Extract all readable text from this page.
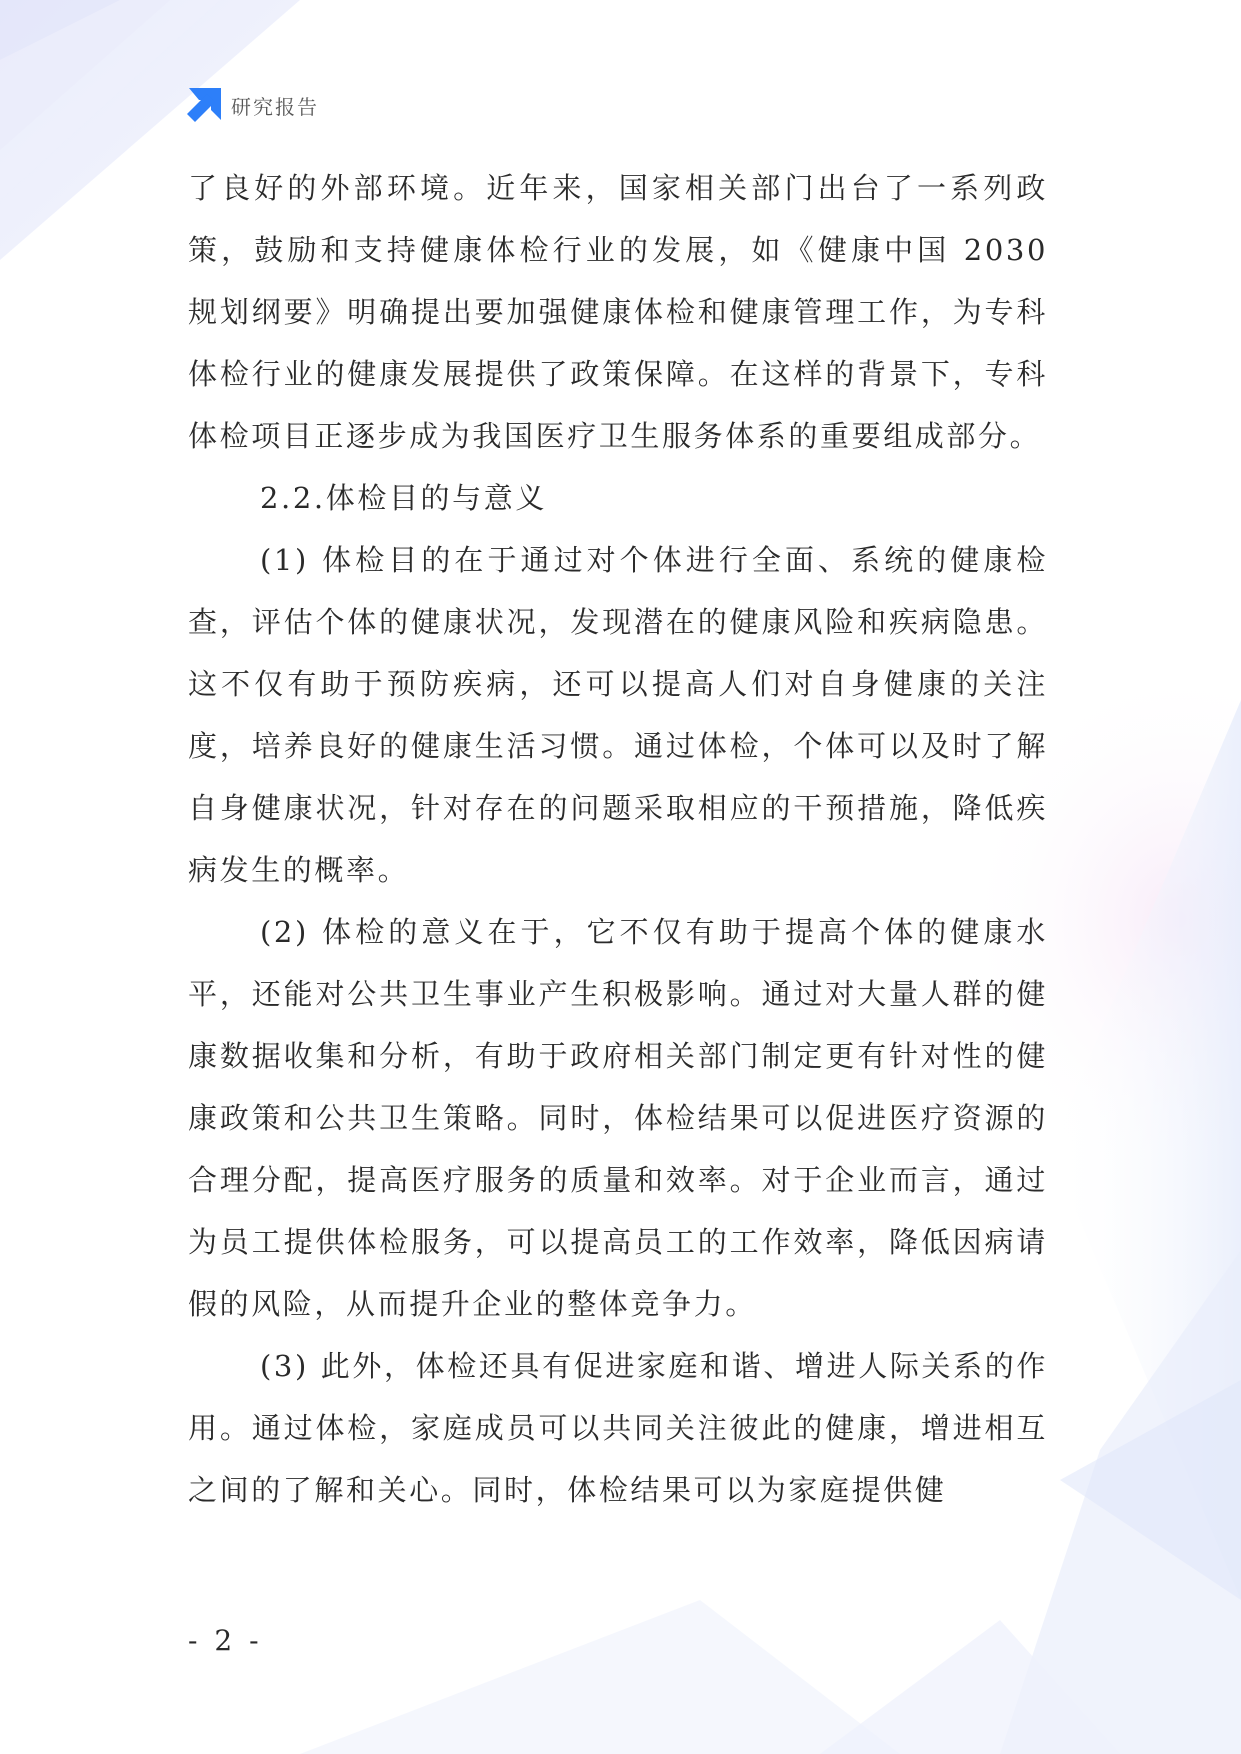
研究报告

了良好的外部环境。近年来，国家相关部门出台了一系列政策，鼓励和支持健康体检行业的发展，如《健康中国 2030 规划纲要》明确提出要加强健康体检和健康管理工作，为专科体检行业的健康发展提供了政策保障。在这样的背景下，专科体检项目正逐步成为我国医疗卫生服务体系的重要组成部分。

2.2.体检目的与意义

(1) 体检目的在于通过对个体进行全面、系统的健康检查，评估个体的健康状况，发现潜在的健康风险和疾病隐患。这不仅有助于预防疾病，还可以提高人们对自身健康的关注度，培养良好的健康生活习惯。通过体检，个体可以及时了解自身健康状况，针对存在的问题采取相应的干预措施，降低疾病发生的概率。

(2) 体检的意义在于，它不仅有助于提高个体的健康水平，还能对公共卫生事业产生积极影响。通过对大量人群的健康数据收集和分析，有助于政府相关部门制定更有针对性的健康政策和公共卫生策略。同时，体检结果可以促进医疗资源的合理分配，提高医疗服务的质量和效率。对于企业而言，通过为员工提供体检服务，可以提高员工的工作效率，降低因病请假的风险，从而提升企业的整体竞争力。

(3) 此外，体检还具有促进家庭和谐、增进人际关系的作用。通过体检，家庭成员可以共同关注彼此的健康，增进相互之间的了解和关心。同时，体检结果可以为家庭提供健

- 2 -
